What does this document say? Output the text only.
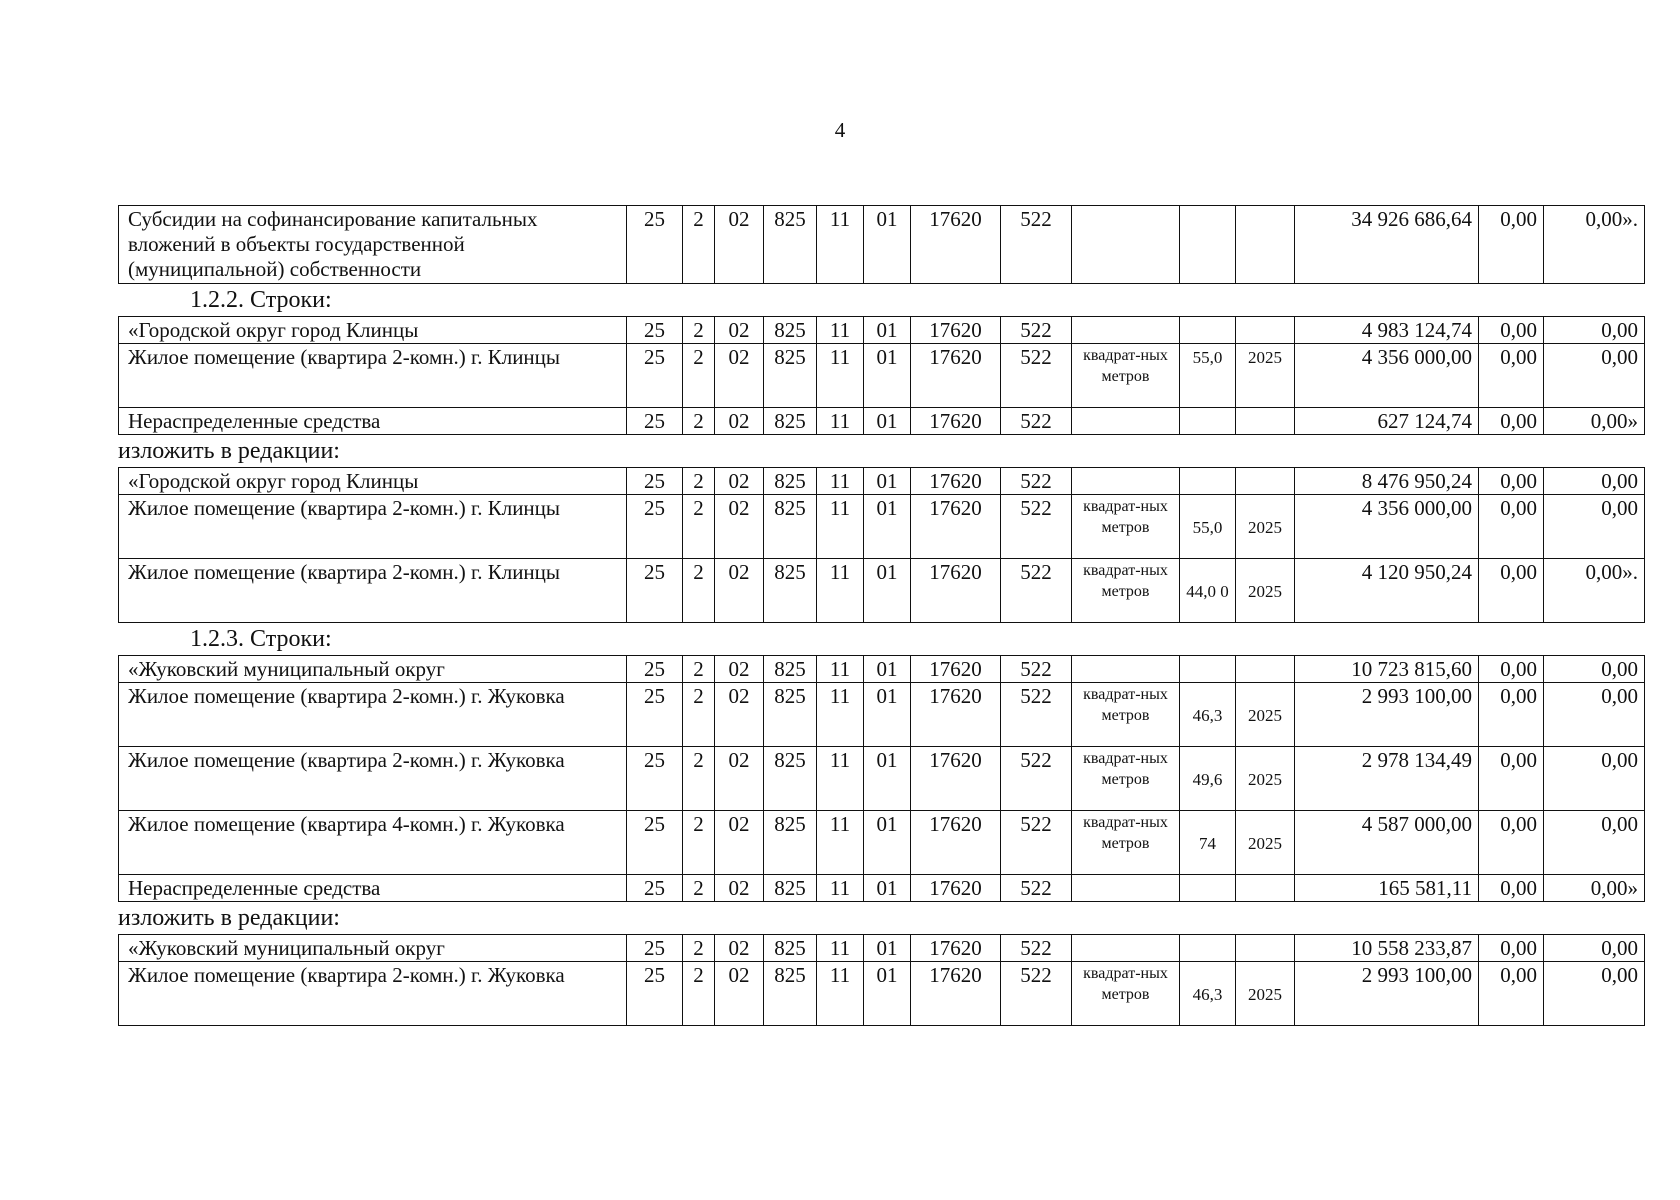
4
Субсидии на софинансирование капитальных вложений в объекты государственной (муниципальной) собственности	25	2	02	825	11	01	17620	522				34 926 686,64	0,00	0,00».
1.2.2. Строки:
«Городской округ город Клинцы	25	2	02	825	11	01	17620	522				4 983 124,74	0,00	0,00
Жилое помещение (квартира 2-комн.) г. Клинцы	25	2	02	825	11	01	17620	522	квадрат-ных метров	55,0	2025	4 356 000,00	0,00	0,00
Нераспределенные средства	25	2	02	825	11	01	17620	522				627 124,74	0,00	0,00»
изложить в редакции:
«Городской округ город Клинцы	25	2	02	825	11	01	17620	522				8 476 950,24	0,00	0,00
Жилое помещение (квартира 2-комн.) г. Клинцы	25	2	02	825	11	01	17620	522	квадрат-ных метров	55,0	2025	4 356 000,00	0,00	0,00
Жилое помещение (квартира 2-комн.) г. Клинцы	25	2	02	825	11	01	17620	522	квадрат-ных метров	44,0 0	2025	4 120 950,24	0,00	0,00».
1.2.3. Строки:
«Жуковский муниципальный округ	25	2	02	825	11	01	17620	522				10 723 815,60	0,00	0,00
Жилое помещение (квартира 2-комн.) г. Жуковка	25	2	02	825	11	01	17620	522	квадрат-ных метров	46,3	2025	2 993 100,00	0,00	0,00
Жилое помещение (квартира 2-комн.) г. Жуковка	25	2	02	825	11	01	17620	522	квадрат-ных метров	49,6	2025	2 978 134,49	0,00	0,00
Жилое помещение (квартира 4-комн.) г. Жуковка	25	2	02	825	11	01	17620	522	квадрат-ных метров	74	2025	4 587 000,00	0,00	0,00
Нераспределенные средства	25	2	02	825	11	01	17620	522				165 581,11	0,00	0,00»
изложить в редакции:
«Жуковский муниципальный округ	25	2	02	825	11	01	17620	522				10 558 233,87	0,00	0,00
Жилое помещение (квартира 2-комн.) г. Жуковка	25	2	02	825	11	01	17620	522	квадрат-ных метров	46,3	2025	2 993 100,00	0,00	0,00
